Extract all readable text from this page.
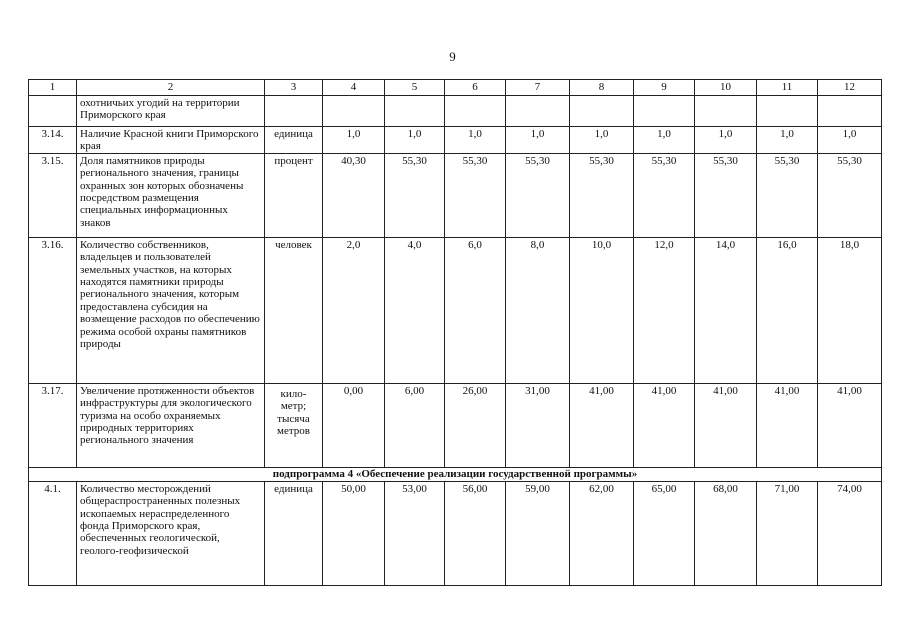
9
1	2	3	4	5	6	7	8	9	10	11	12
	охотничьих угодий на территории Приморского края										
3.14.	Наличие Красной книги Приморского края	единица	1,0	1,0	1,0	1,0	1,0	1,0	1,0	1,0	1,0
3.15.	Доля памятников природы регионального значения, границы охранных зон которых обозначены посредством размещения специальных информационных знаков	процент	40,30	55,30	55,30	55,30	55,30	55,30	55,30	55,30	55,30
3.16.	Количество собственников, владельцев и пользователей земельных участков, на которых находятся памятники природы регионального значения, которым предоставлена субсидия на возмещение расходов по обеспечению режима особой охраны памятников природы	человек	2,0	4,0	6,0	8,0	10,0	12,0	14,0	16,0	18,0
3.17.	Увеличение протяженности объектов инфраструктуры для экологического туризма на особо охраняемых природных территориях регионального значения	кило-метр; тысяча метров	0,00	6,00	26,00	31,00	41,00	41,00	41,00	41,00	41,00
подпрограмма 4 «Обеспечение реализации государственной программы»											
4.1.	Количество месторождений общераспространенных полезных ископаемых нераспределенного фонда Приморского края, обеспеченных геологической, геолого-геофизической	единица	50,00	53,00	56,00	59,00	62,00	65,00	68,00	71,00	74,00
